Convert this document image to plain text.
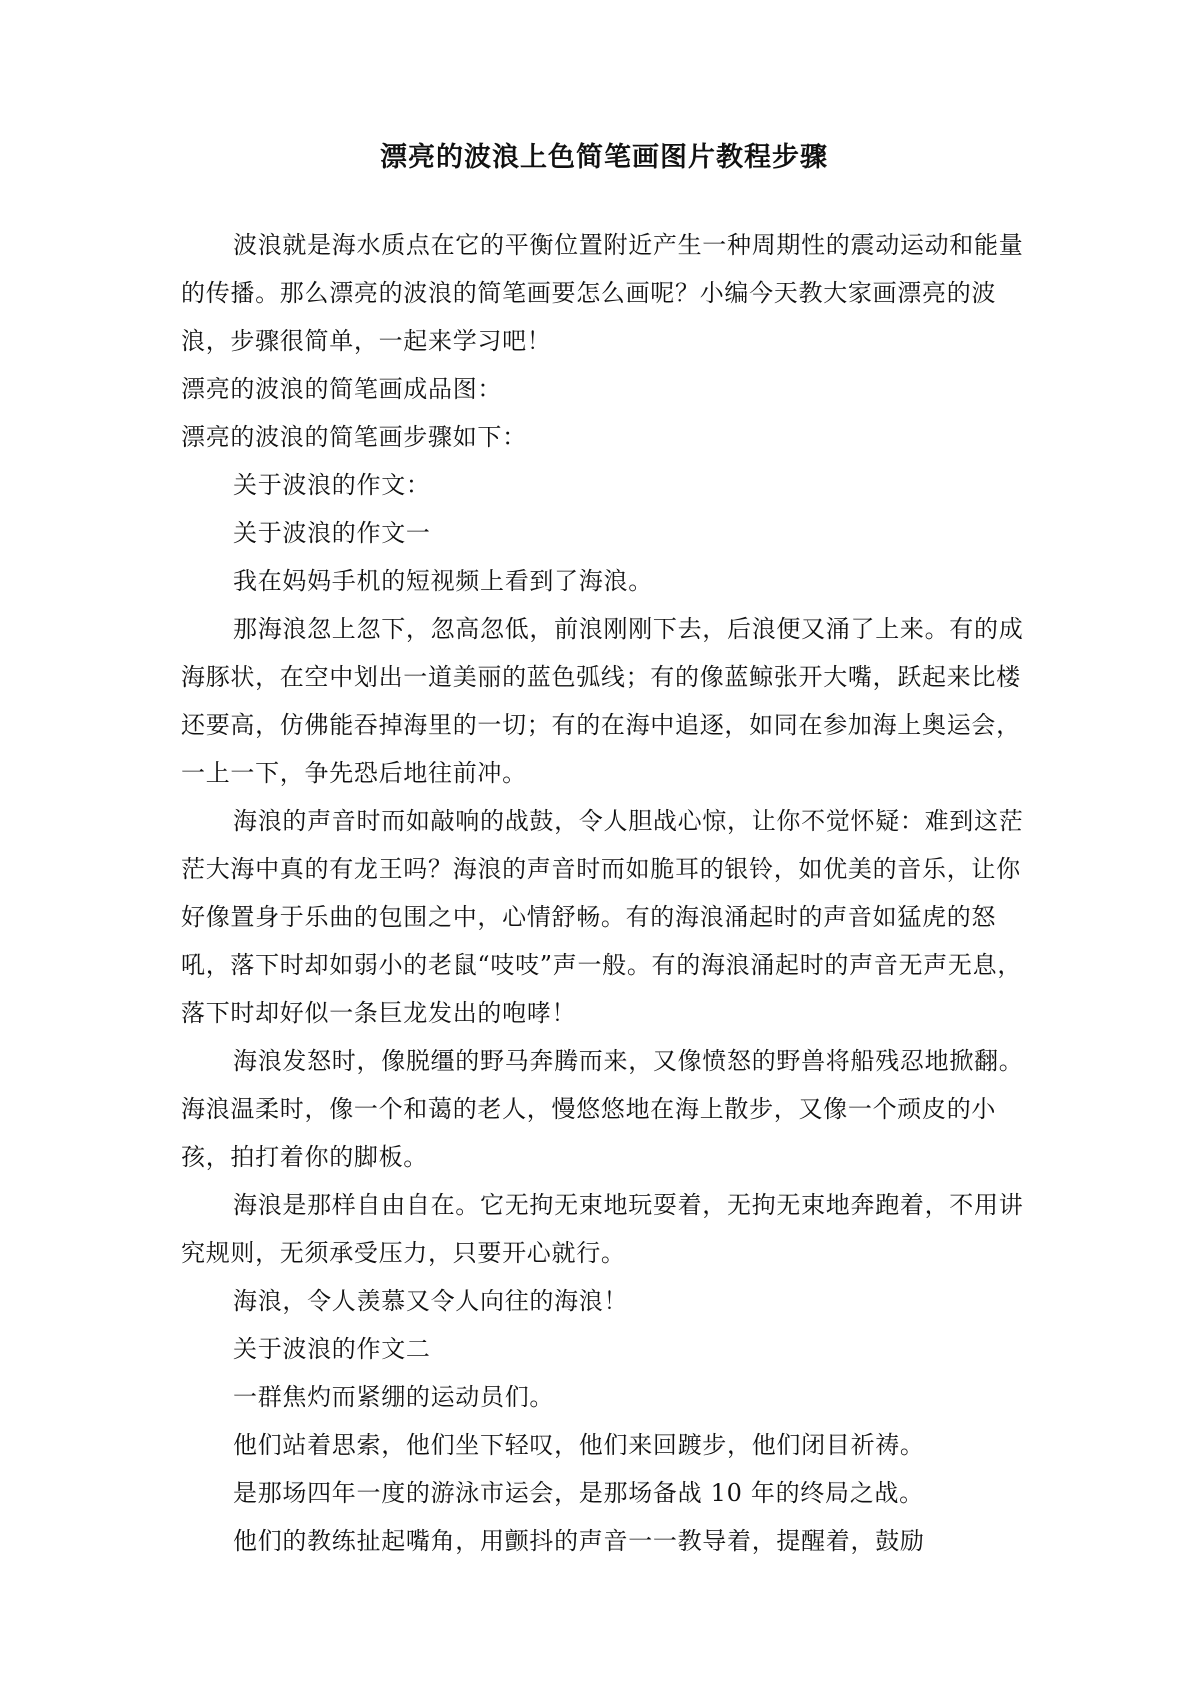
漂亮的波浪上色简笔画图片教程步骤

波浪就是海水质点在它的平衡位置附近产生一种周期性的震动运动和能量的传播。那么漂亮的波浪的简笔画要怎么画呢？小编今天教大家画漂亮的波浪，步骤很简单，一起来学习吧！

漂亮的波浪的简笔画成品图：

漂亮的波浪的简笔画步骤如下：

关于波浪的作文：

关于波浪的作文一

我在妈妈手机的短视频上看到了海浪。

那海浪忽上忽下，忽高忽低，前浪刚刚下去，后浪便又涌了上来。有的成海豚状，在空中划出一道美丽的蓝色弧线；有的像蓝鲸张开大嘴，跃起来比楼还要高，仿佛能吞掉海里的一切；有的在海中追逐，如同在参加海上奥运会，一上一下，争先恐后地往前冲。

海浪的声音时而如敲响的战鼓，令人胆战心惊，让你不觉怀疑：难到这茫茫大海中真的有龙王吗？海浪的声音时而如脆耳的银铃，如优美的音乐，让你好像置身于乐曲的包围之中，心情舒畅。有的海浪涌起时的声音如猛虎的怒吼，落下时却如弱小的老鼠“吱吱”声一般。有的海浪涌起时的声音无声无息，落下时却好似一条巨龙发出的咆哮！

海浪发怒时，像脱缰的野马奔腾而来，又像愤怒的野兽将船残忍地掀翻。海浪温柔时，像一个和蔼的老人，慢悠悠地在海上散步，又像一个顽皮的小孩，拍打着你的脚板。

海浪是那样自由自在。它无拘无束地玩耍着，无拘无束地奔跑着，不用讲究规则，无须承受压力，只要开心就行。

海浪，令人羡慕又令人向往的海浪！

关于波浪的作文二

一群焦灼而紧绷的运动员们。

他们站着思索，他们坐下轻叹，他们来回踱步，他们闭目祈祷。

是那场四年一度的游泳市运会，是那场备战 10 年的终局之战。

他们的教练扯起嘴角，用颤抖的声音一一教导着，提醒着，鼓励
